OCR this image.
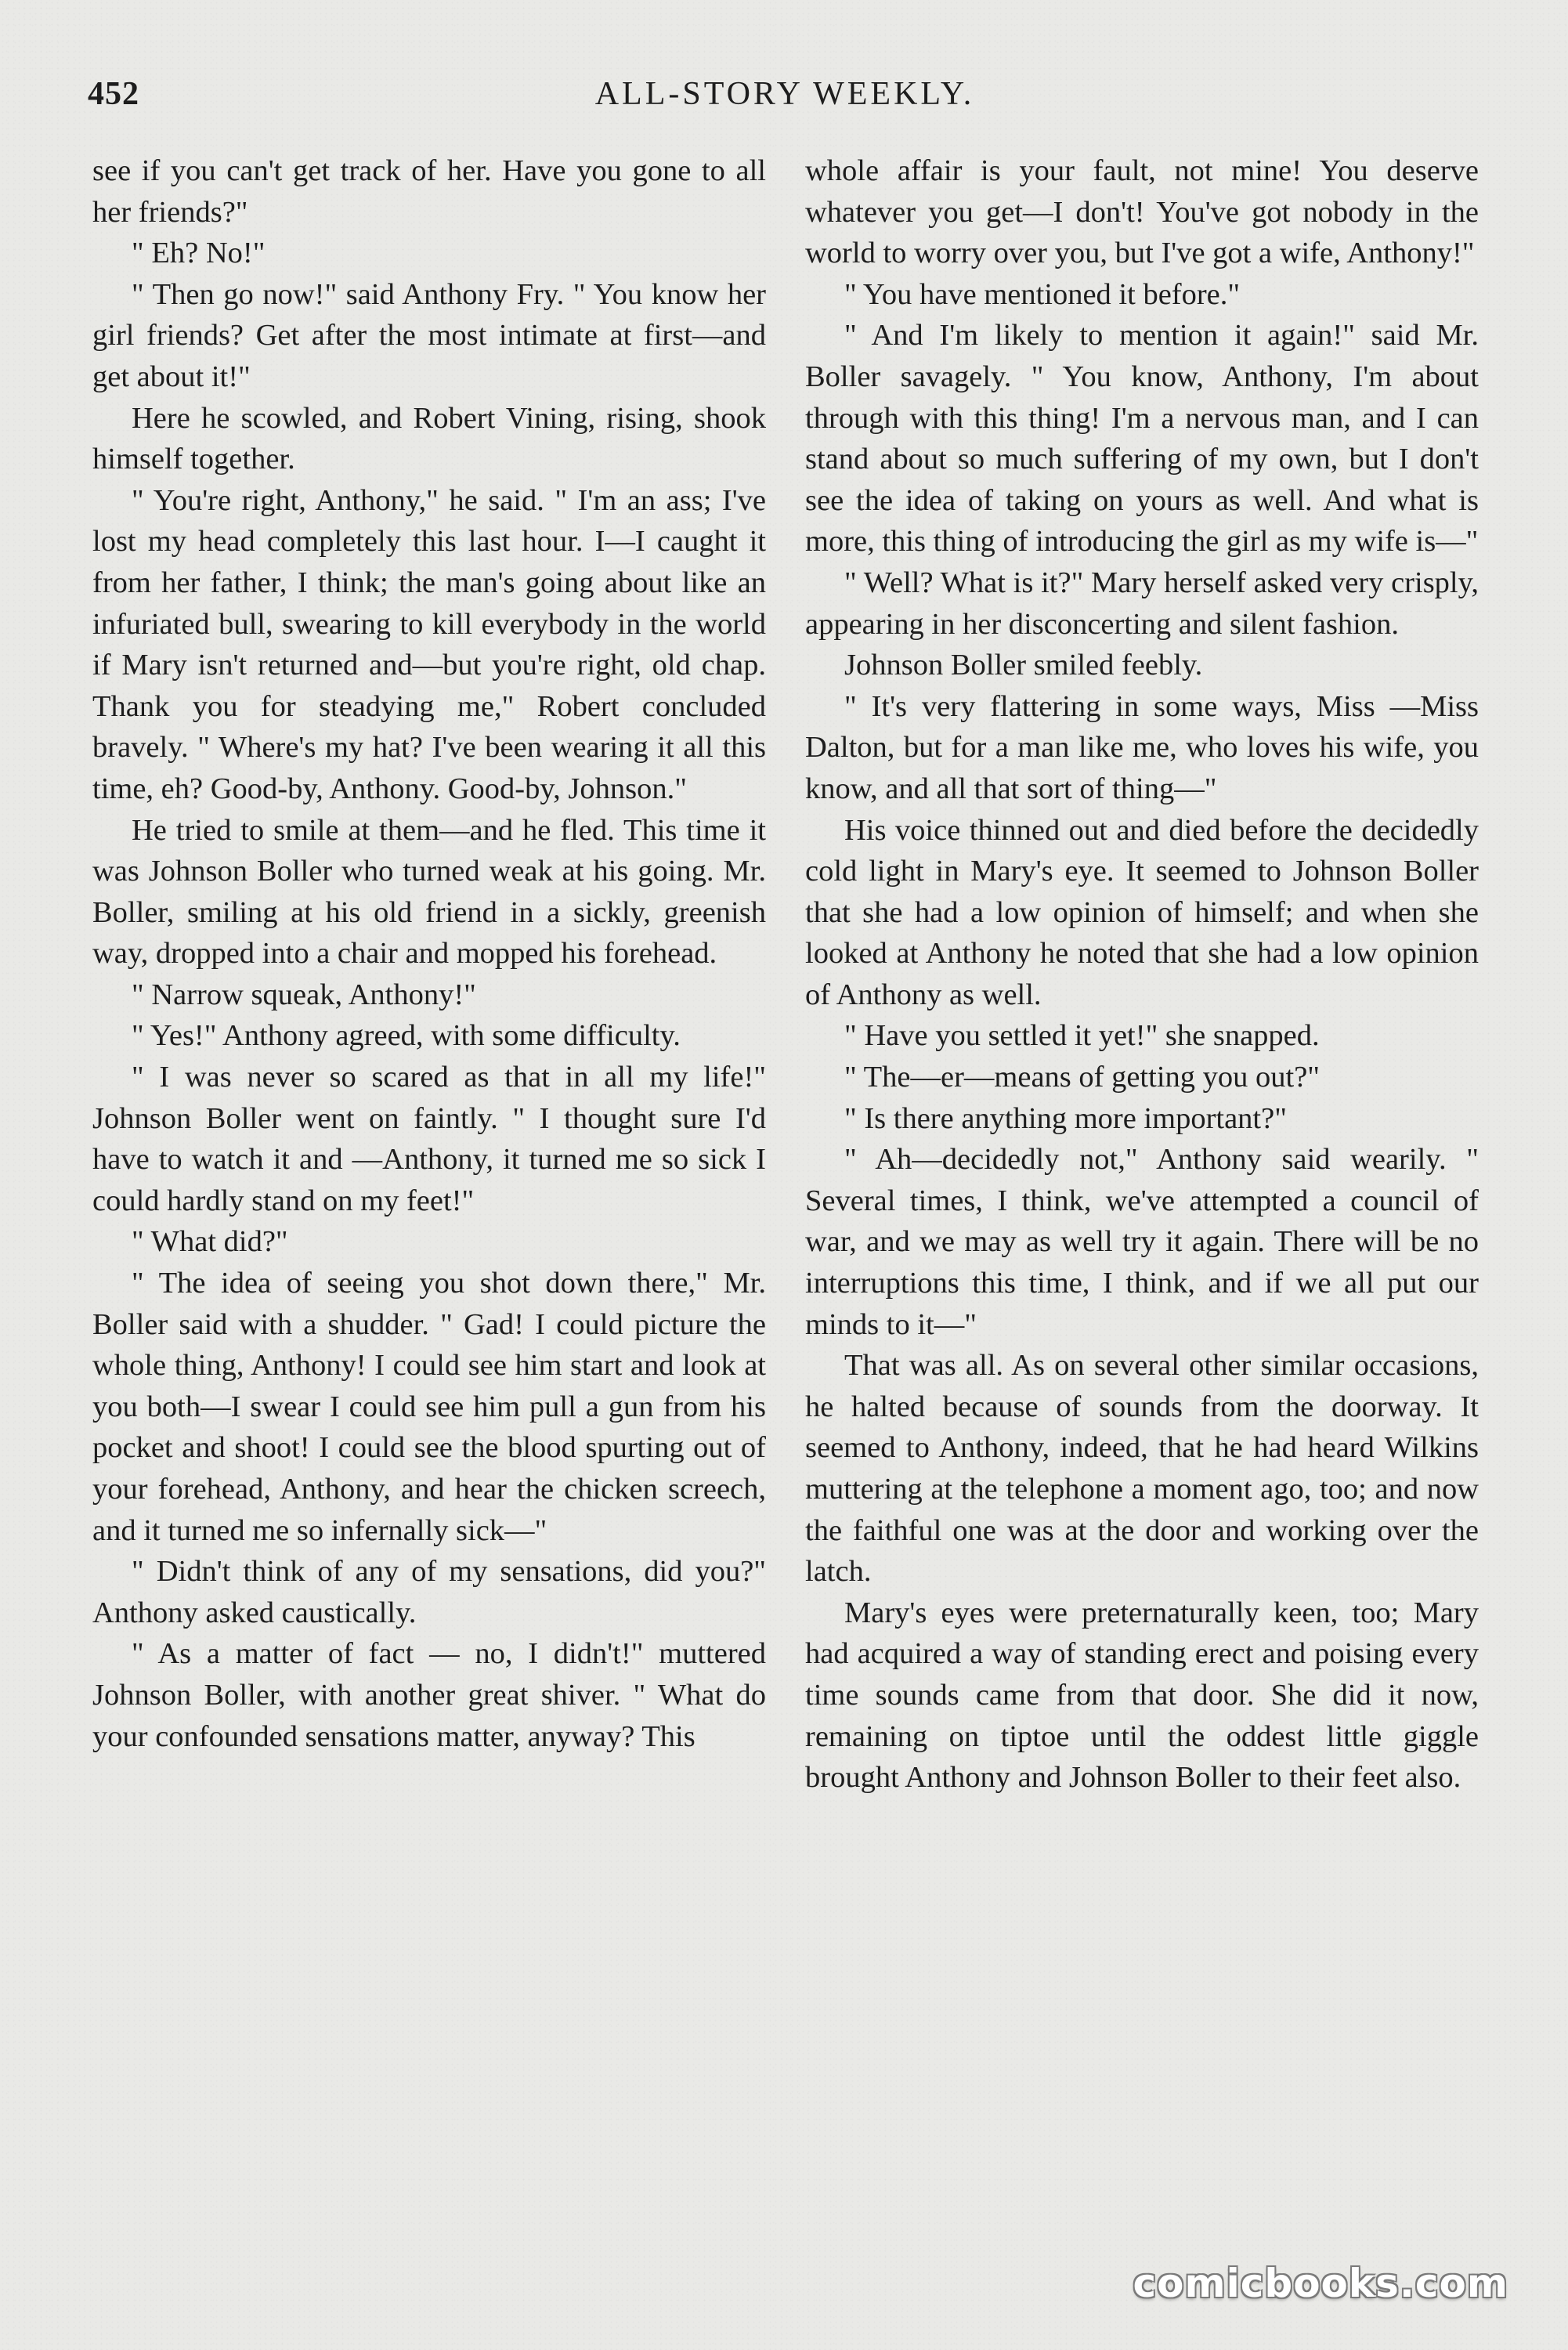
452	ALL-STORY WEEKLY.

see if you can't get track of her. Have you gone to all her friends?"

" Eh? No!"

" Then go now!" said Anthony Fry. " You know her girl friends? Get after the most intimate at first—and get about it!"

Here he scowled, and Robert Vining, rising, shook himself together.

" You're right, Anthony," he said. " I'm an ass; I've lost my head completely this last hour. I—I caught it from her father, I think; the man's going about like an infuriated bull, swearing to kill everybody in the world if Mary isn't returned and—but you're right, old chap. Thank you for steadying me," Robert concluded bravely. " Where's my hat? I've been wearing it all this time, eh? Good-by, Anthony. Good-by, Johnson."

He tried to smile at them—and he fled. This time it was Johnson Boller who turned weak at his going. Mr. Boller, smiling at his old friend in a sickly, greenish way, dropped into a chair and mopped his forehead.

" Narrow squeak, Anthony!"

" Yes!" Anthony agreed, with some difficulty.

" I was never so scared as that in all my life!" Johnson Boller went on faintly. " I thought sure I'd have to watch it and —Anthony, it turned me so sick I could hardly stand on my feet!"

" What did?"

" The idea of seeing you shot down there," Mr. Boller said with a shudder. " Gad! I could picture the whole thing, Anthony! I could see him start and look at you both—I swear I could see him pull a gun from his pocket and shoot! I could see the blood spurting out of your forehead, Anthony, and hear the chicken screech, and it turned me so infernally sick—"

" Didn't think of any of my sensations, did you?" Anthony asked caustically.

" As a matter of fact — no, I didn't!" muttered Johnson Boller, with another great shiver. " What do your confounded sensations matter, anyway? This

whole affair is your fault, not mine! You deserve whatever you get—I don't! You've got nobody in the world to worry over you, but I've got a wife, Anthony!"

" You have mentioned it before."

" And I'm likely to mention it again!" said Mr. Boller savagely. " You know, Anthony, I'm about through with this thing! I'm a nervous man, and I can stand about so much suffering of my own, but I don't see the idea of taking on yours as well. And what is more, this thing of introducing the girl as my wife is—"

" Well? What is it?" Mary herself asked very crisply, appearing in her disconcerting and silent fashion.

Johnson Boller smiled feebly.

" It's very flattering in some ways, Miss —Miss Dalton, but for a man like me, who loves his wife, you know, and all that sort of thing—"

His voice thinned out and died before the decidedly cold light in Mary's eye. It seemed to Johnson Boller that she had a low opinion of himself; and when she looked at Anthony he noted that she had a low opinion of Anthony as well.

" Have you settled it yet!" she snapped.

" The—er—means of getting you out?"

" Is there anything more important?"

" Ah—decidedly not," Anthony said wearily. " Several times, I think, we've attempted a council of war, and we may as well try it again. There will be no interruptions this time, I think, and if we all put our minds to it—"

That was all. As on several other similar occasions, he halted because of sounds from the doorway. It seemed to Anthony, indeed, that he had heard Wilkins muttering at the telephone a moment ago, too; and now the faithful one was at the door and working over the latch.

Mary's eyes were preternaturally keen, too; Mary had acquired a way of standing erect and poising every time sounds came from that door. She did it now, remaining on tiptoe until the oddest little giggle brought Anthony and Johnson Boller to their feet also.

comicbooks.com
